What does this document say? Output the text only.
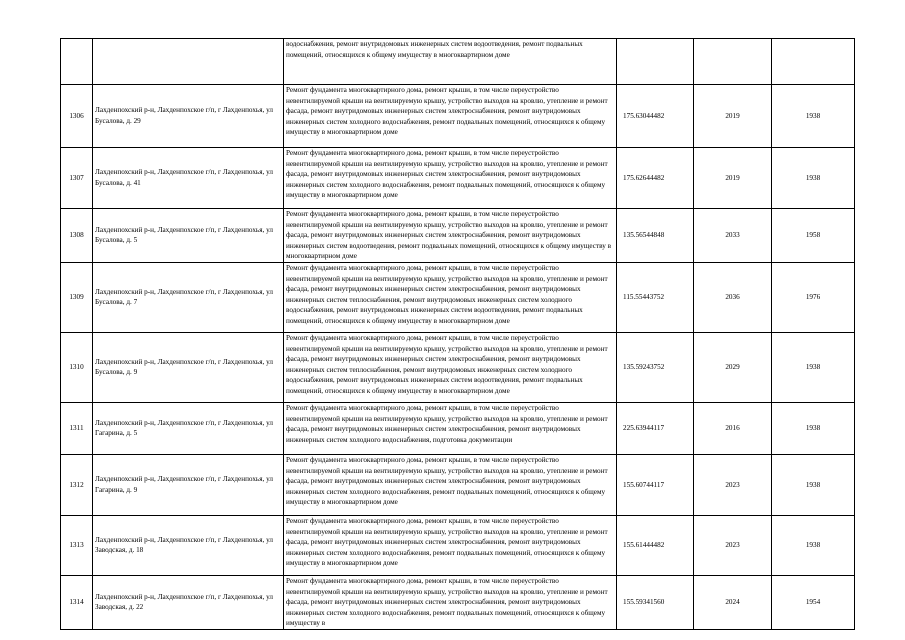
		водоснабжения, ремонт внутридомовых инженерных систем водоотведения, ремонт подвальных помещений, относящихся к общему имуществу в многоквартирном доме			
1306	Лахденпохский р-н, Лахденпохское г/п, г Лахденпохья, ул Бусалова, д. 29	Ремонт фундамента многоквартирного дома, ремонт крыши, в том числе переустройство невентилируемой крыши на вентилируемую крышу, устройство выходов на кровлю, утепление и ремонт фасада, ремонт внутридомовых инженерных систем электроснабжения, ремонт внутридомовых инженерных систем холодного водоснабжения, ремонт подвальных помещений, относящихся к общему имуществу в многоквартирном доме	175.63044482	2019	1938
1307	Лахденпохский р-н, Лахденпохское г/п, г Лахденпохья, ул Бусалова, д. 41	Ремонт фундамента многоквартирного дома, ремонт крыши, в том числе переустройство невентилируемой крыши на вентилируемую крышу, устройство выходов на кровлю, утепление и ремонт фасада, ремонт внутридомовых инженерных систем электроснабжения, ремонт внутридомовых инженерных систем холодного водоснабжения, ремонт подвальных помещений, относящихся к общему имуществу в многоквартирном доме	175.62644482	2019	1938
1308	Лахденпохский р-н, Лахденпохское г/п, г Лахденпохья, ул Бусалова, д. 5	Ремонт фундамента многоквартирного дома, ремонт крыши, в том числе переустройство невентилируемой крыши на вентилируемую крышу, устройство выходов на кровлю, утепление и ремонт фасада, ремонт внутридомовых инженерных систем электроснабжения, ремонт внутридомовых инженерных систем водоотведения, ремонт подвальных помещений, относящихся к общему имуществу в многоквартирном доме	135.56544848	2033	1958
1309	Лахденпохский р-н, Лахденпохское г/п, г Лахденпохья, ул Бусалова, д. 7	Ремонт фундамента многоквартирного дома, ремонт крыши, в том числе переустройство невентилируемой крыши на вентилируемую крышу, устройство выходов на кровлю, утепление и ремонт фасада, ремонт внутридомовых инженерных систем электроснабжения, ремонт внутридомовых инженерных систем теплоснабжения, ремонт внутридомовых инженерных систем холодного водоснабжения, ремонт внутридомовых инженерных систем водоотведения, ремонт подвальных помещений, относящихся к общему имуществу в многоквартирном доме	115.55443752	2036	1976
1310	Лахденпохский р-н, Лахденпохское г/п, г Лахденпохья, ул Бусалова, д. 9	Ремонт фундамента многоквартирного дома, ремонт крыши, в том числе переустройство невентилируемой крыши на вентилируемую крышу, устройство выходов на кровлю, утепление и ремонт фасада, ремонт внутридомовых инженерных систем электроснабжения, ремонт внутридомовых инженерных систем теплоснабжения, ремонт внутридомовых инженерных систем холодного водоснабжения, ремонт внутридомовых инженерных систем водоотведения, ремонт подвальных помещений, относящихся к общему имуществу в многоквартирном доме	135.59243752	2029	1938
1311	Лахденпохский р-н, Лахденпохское г/п, г Лахденпохья, ул Гагарина, д. 5	Ремонт фундамента многоквартирного дома, ремонт крыши, в том числе переустройство невентилируемой крыши на вентилируемую крышу, устройство выходов на кровлю, утепление и ремонт фасада, ремонт внутридомовых инженерных систем электроснабжения, ремонт внутридомовых инженерных систем холодного водоснабжения, подготовка документации	225.63944117	2016	1938
1312	Лахденпохский р-н, Лахденпохское г/п, г Лахденпохья, ул Гагарина, д. 9	Ремонт фундамента многоквартирного дома, ремонт крыши, в том числе переустройство невентилируемой крыши на вентилируемую крышу, устройство выходов на кровлю, утепление и ремонт фасада, ремонт внутридомовых инженерных систем электроснабжения, ремонт внутридомовых инженерных систем холодного водоснабжения, ремонт подвальных помещений, относящихся к общему имуществу в многоквартирном доме	155.60744117	2023	1938
1313	Лахденпохский р-н, Лахденпохское г/п, г Лахденпохья, ул Заводская, д. 18	Ремонт фундамента многоквартирного дома, ремонт крыши, в том числе переустройство невентилируемой крыши на вентилируемую крышу, устройство выходов на кровлю, утепление и ремонт фасада, ремонт внутридомовых инженерных систем электроснабжения, ремонт внутридомовых инженерных систем холодного водоснабжения, ремонт подвальных помещений, относящихся к общему имуществу в многоквартирном доме	155.61444482	2023	1938
1314	Лахденпохский р-н, Лахденпохское г/п, г Лахденпохья, ул Заводская, д. 22	Ремонт фундамента многоквартирного дома, ремонт крыши, в том числе переустройство невентилируемой крыши на вентилируемую крышу, устройство выходов на кровлю, утепление и ремонт фасада, ремонт внутридомовых инженерных систем электроснабжения, ремонт внутридомовых инженерных систем холодного водоснабжения, ремонт подвальных помещений, относящихся к общему имуществу в	155.59341560	2024	1954
